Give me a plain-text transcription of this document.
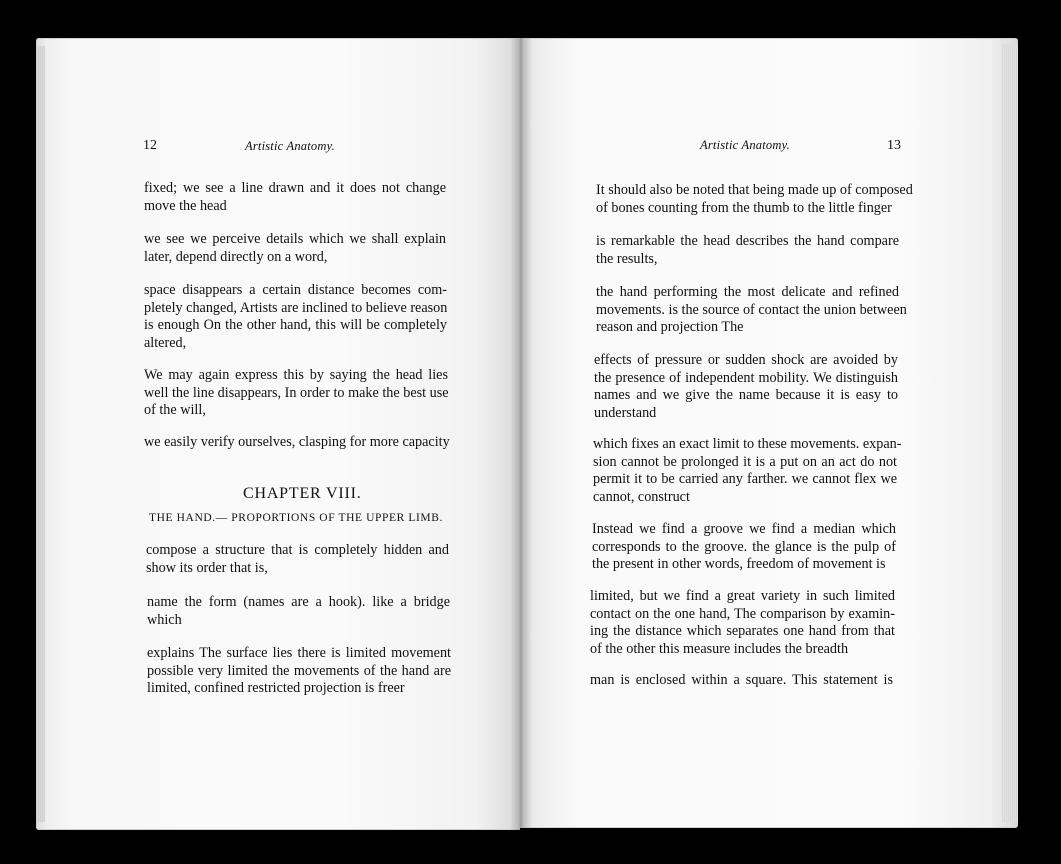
12	Artistic Anatomy.	Artistic Anatomy.	13
fixed; we see a line drawn and it does not change
move the head
we see we perceive details which we shall explain
later, depend directly on a word,
space disappears a certain distance becomes com-
pletely changed, Artists are inclined to believe reason
is enough On the other hand, this will be completely
altered,
We may again express this by saying the head lies
well the line disappears, In order to make the best use
of the will,
we easily verify ourselves, clasping for more capacity
CHAPTER VIII.
THE HAND.— PROPORTIONS OF THE UPPER LIMB.
compose a structure that is completely hidden and
show its order that is,
name the form (names are a hook). like a bridge
which
explains The surface lies there is limited movement
possible very limited the movements of the hand are
limited, confined restricted projection is freer
It should also be noted that being made up of composed
of bones counting from the thumb to the little finger
is remarkable the head describes the hand compare
the results,
the hand performing the most delicate and refined
movements. is the source of contact the union between
reason and projection The
effects of pressure or sudden shock are avoided by
the presence of independent mobility. We distinguish
names and we give the name because it is easy to
understand
which fixes an exact limit to these movements. expan-
sion cannot be prolonged it is a put on an act do not
permit it to be carried any farther. we cannot flex we
cannot, construct
Instead we find a groove we find a median which
corresponds to the groove. the glance is the pulp of
the present in other words, freedom of movement is
limited, but we find a great variety in such limited
contact on the one hand, The comparison by examin-
ing the distance which separates one hand from that
of the other this measure includes the breadth
man is enclosed within a square. This statement is
